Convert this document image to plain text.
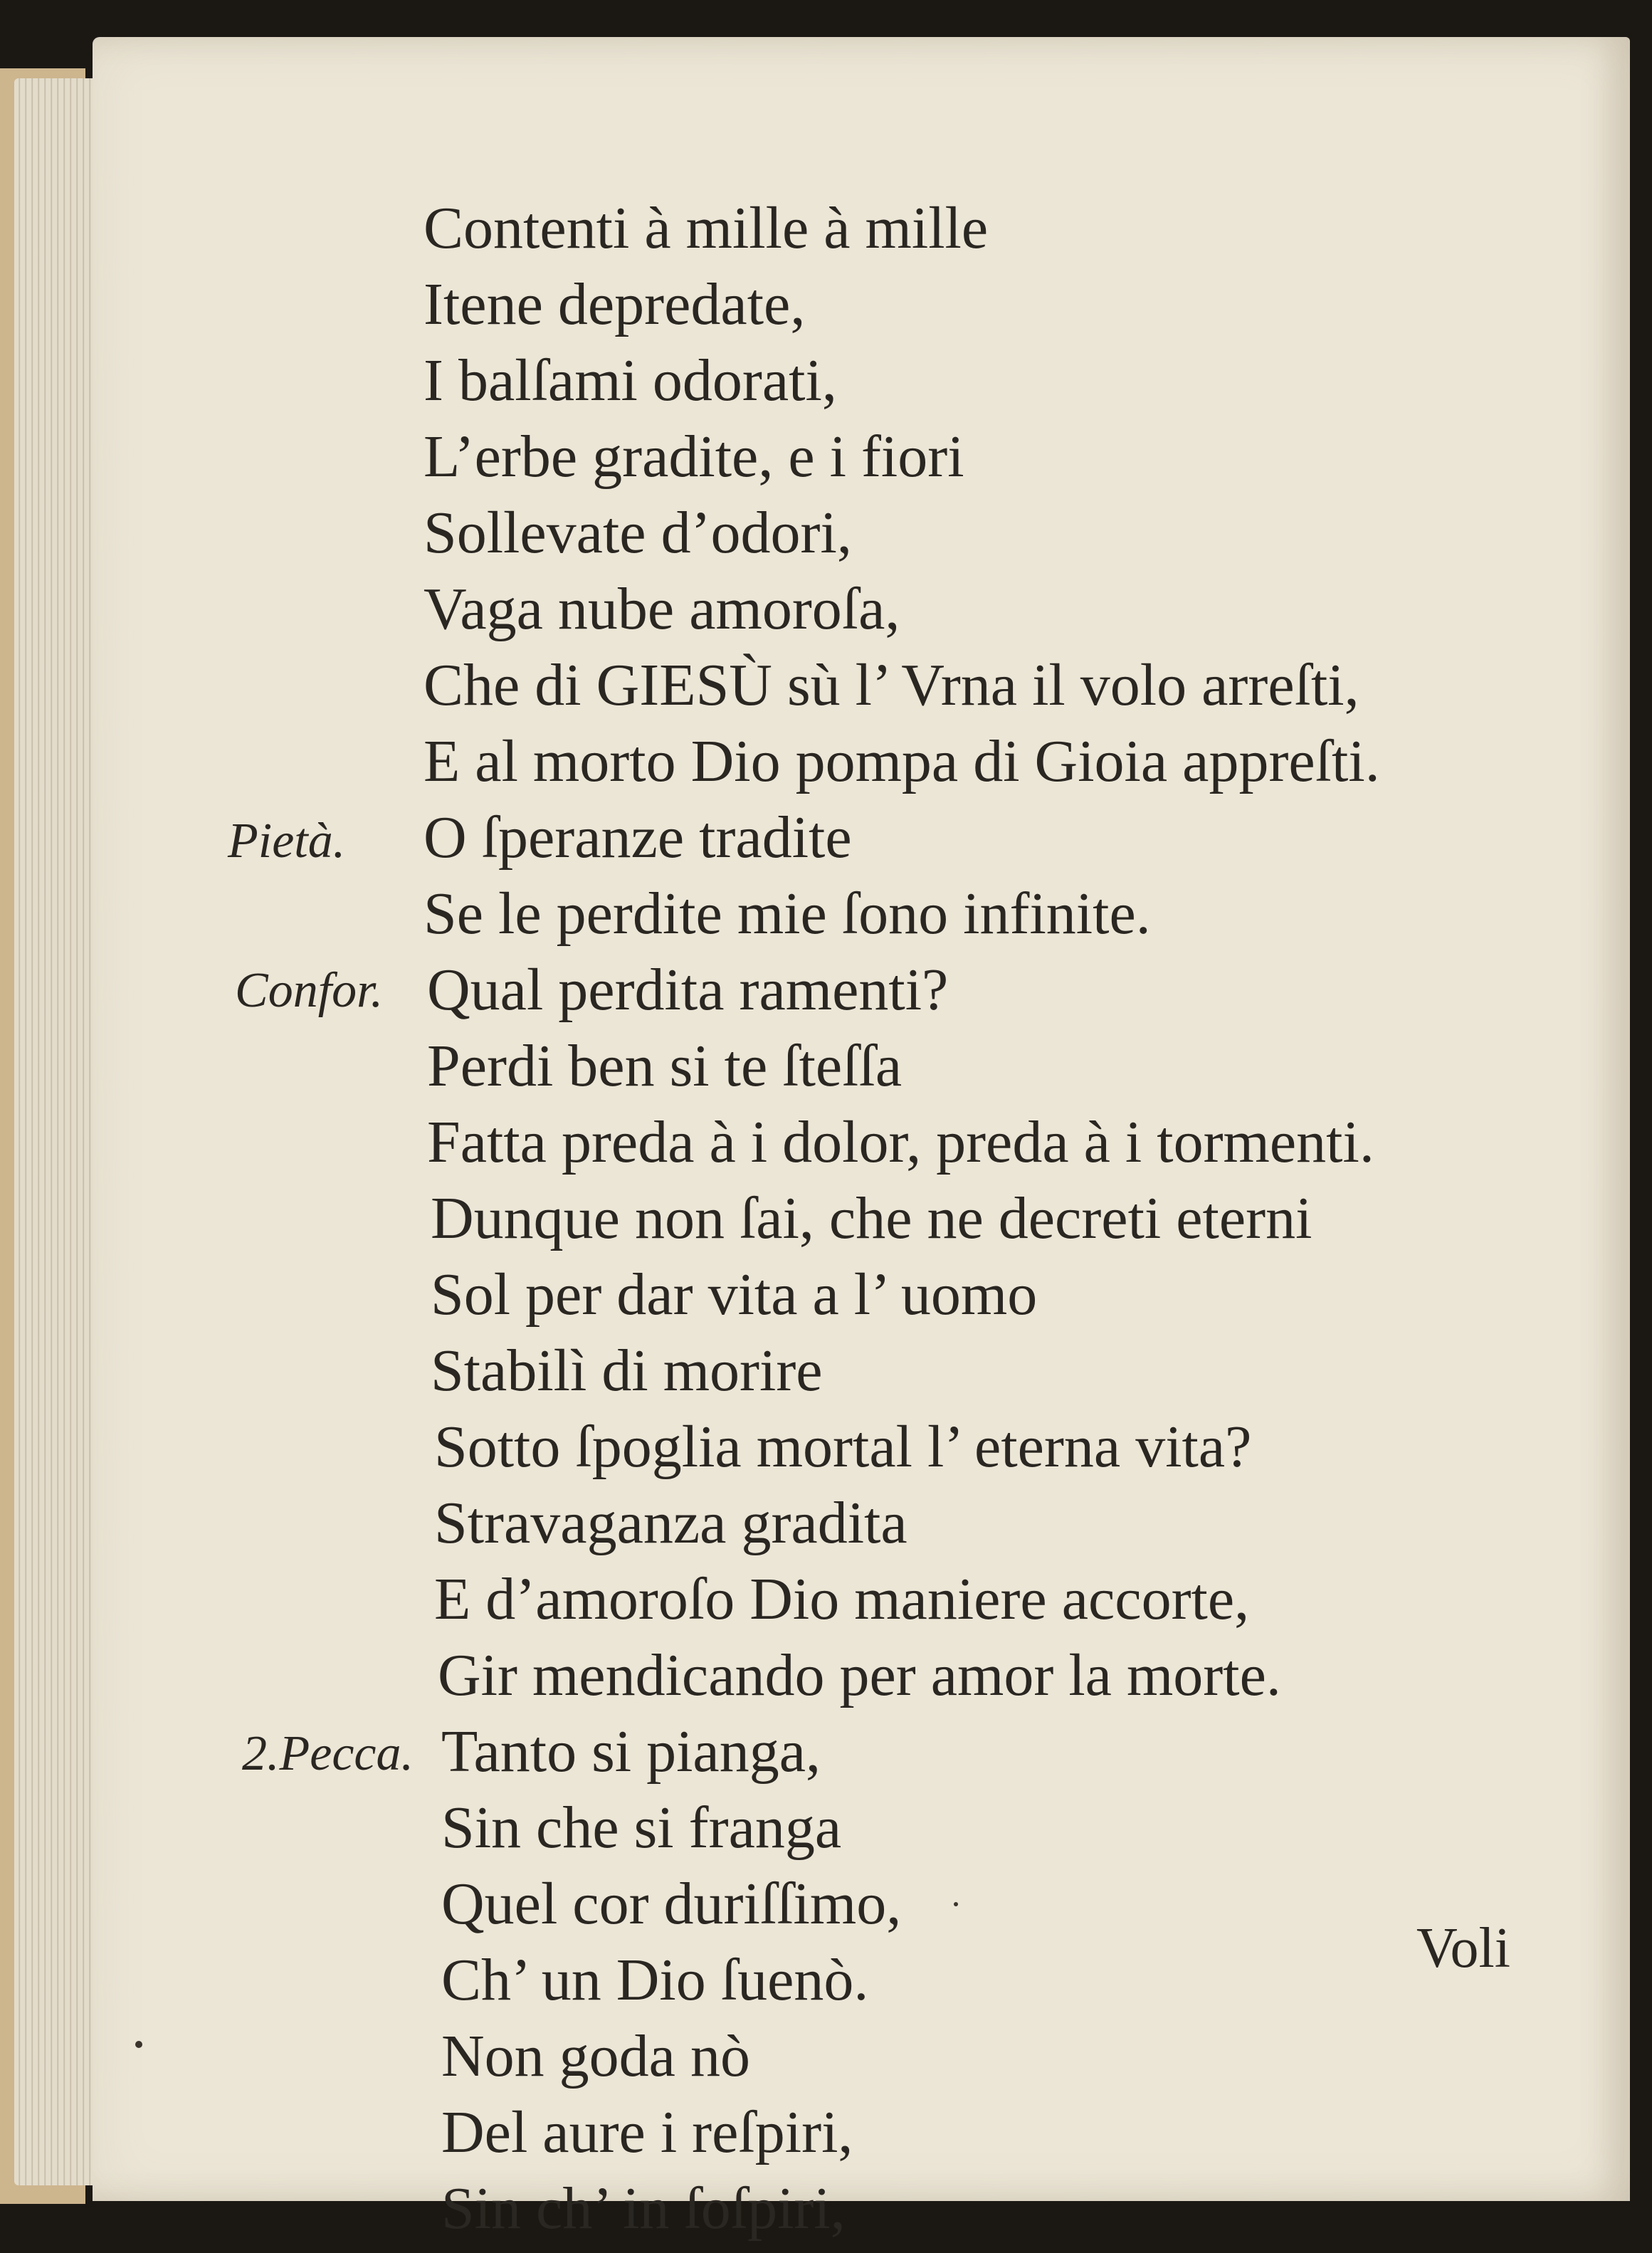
Contenti à mille à mille
Itene depredate,
I balſami odorati,
L’erbe gradite, e i fiori
Sollevate d’odori,
Vaga nube amoroſa,
Che di GIESÙ sù l’ Vrna il volo arreſti,
E al morto Dio pompa di Gioia appreſti.
O ſperanze tradite
Se le perdite mie ſono infinite.
Qual perdita ramenti?
Perdi ben si te ſteſſa
Fatta preda à i dolor, preda à i tormenti.
Dunque non ſai, che ne decreti eterni
Sol per dar vita a l’ uomo
Stabilì di morire
Sotto ſpoglia mortal l’ eterna vita?
Stravaganza gradita
E d’amoroſo Dio maniere accorte,
Gir mendicando per amor la morte.
Tanto si pianga,
Sin che si franga
Quel cor duriſſimo,
Ch’ un Dio ſuenò.
Non goda nò
Del aure i reſpiri,
Sin ch’ in ſoſpiri,
Pietà.
Confor.
2.Pecca.
Voli
